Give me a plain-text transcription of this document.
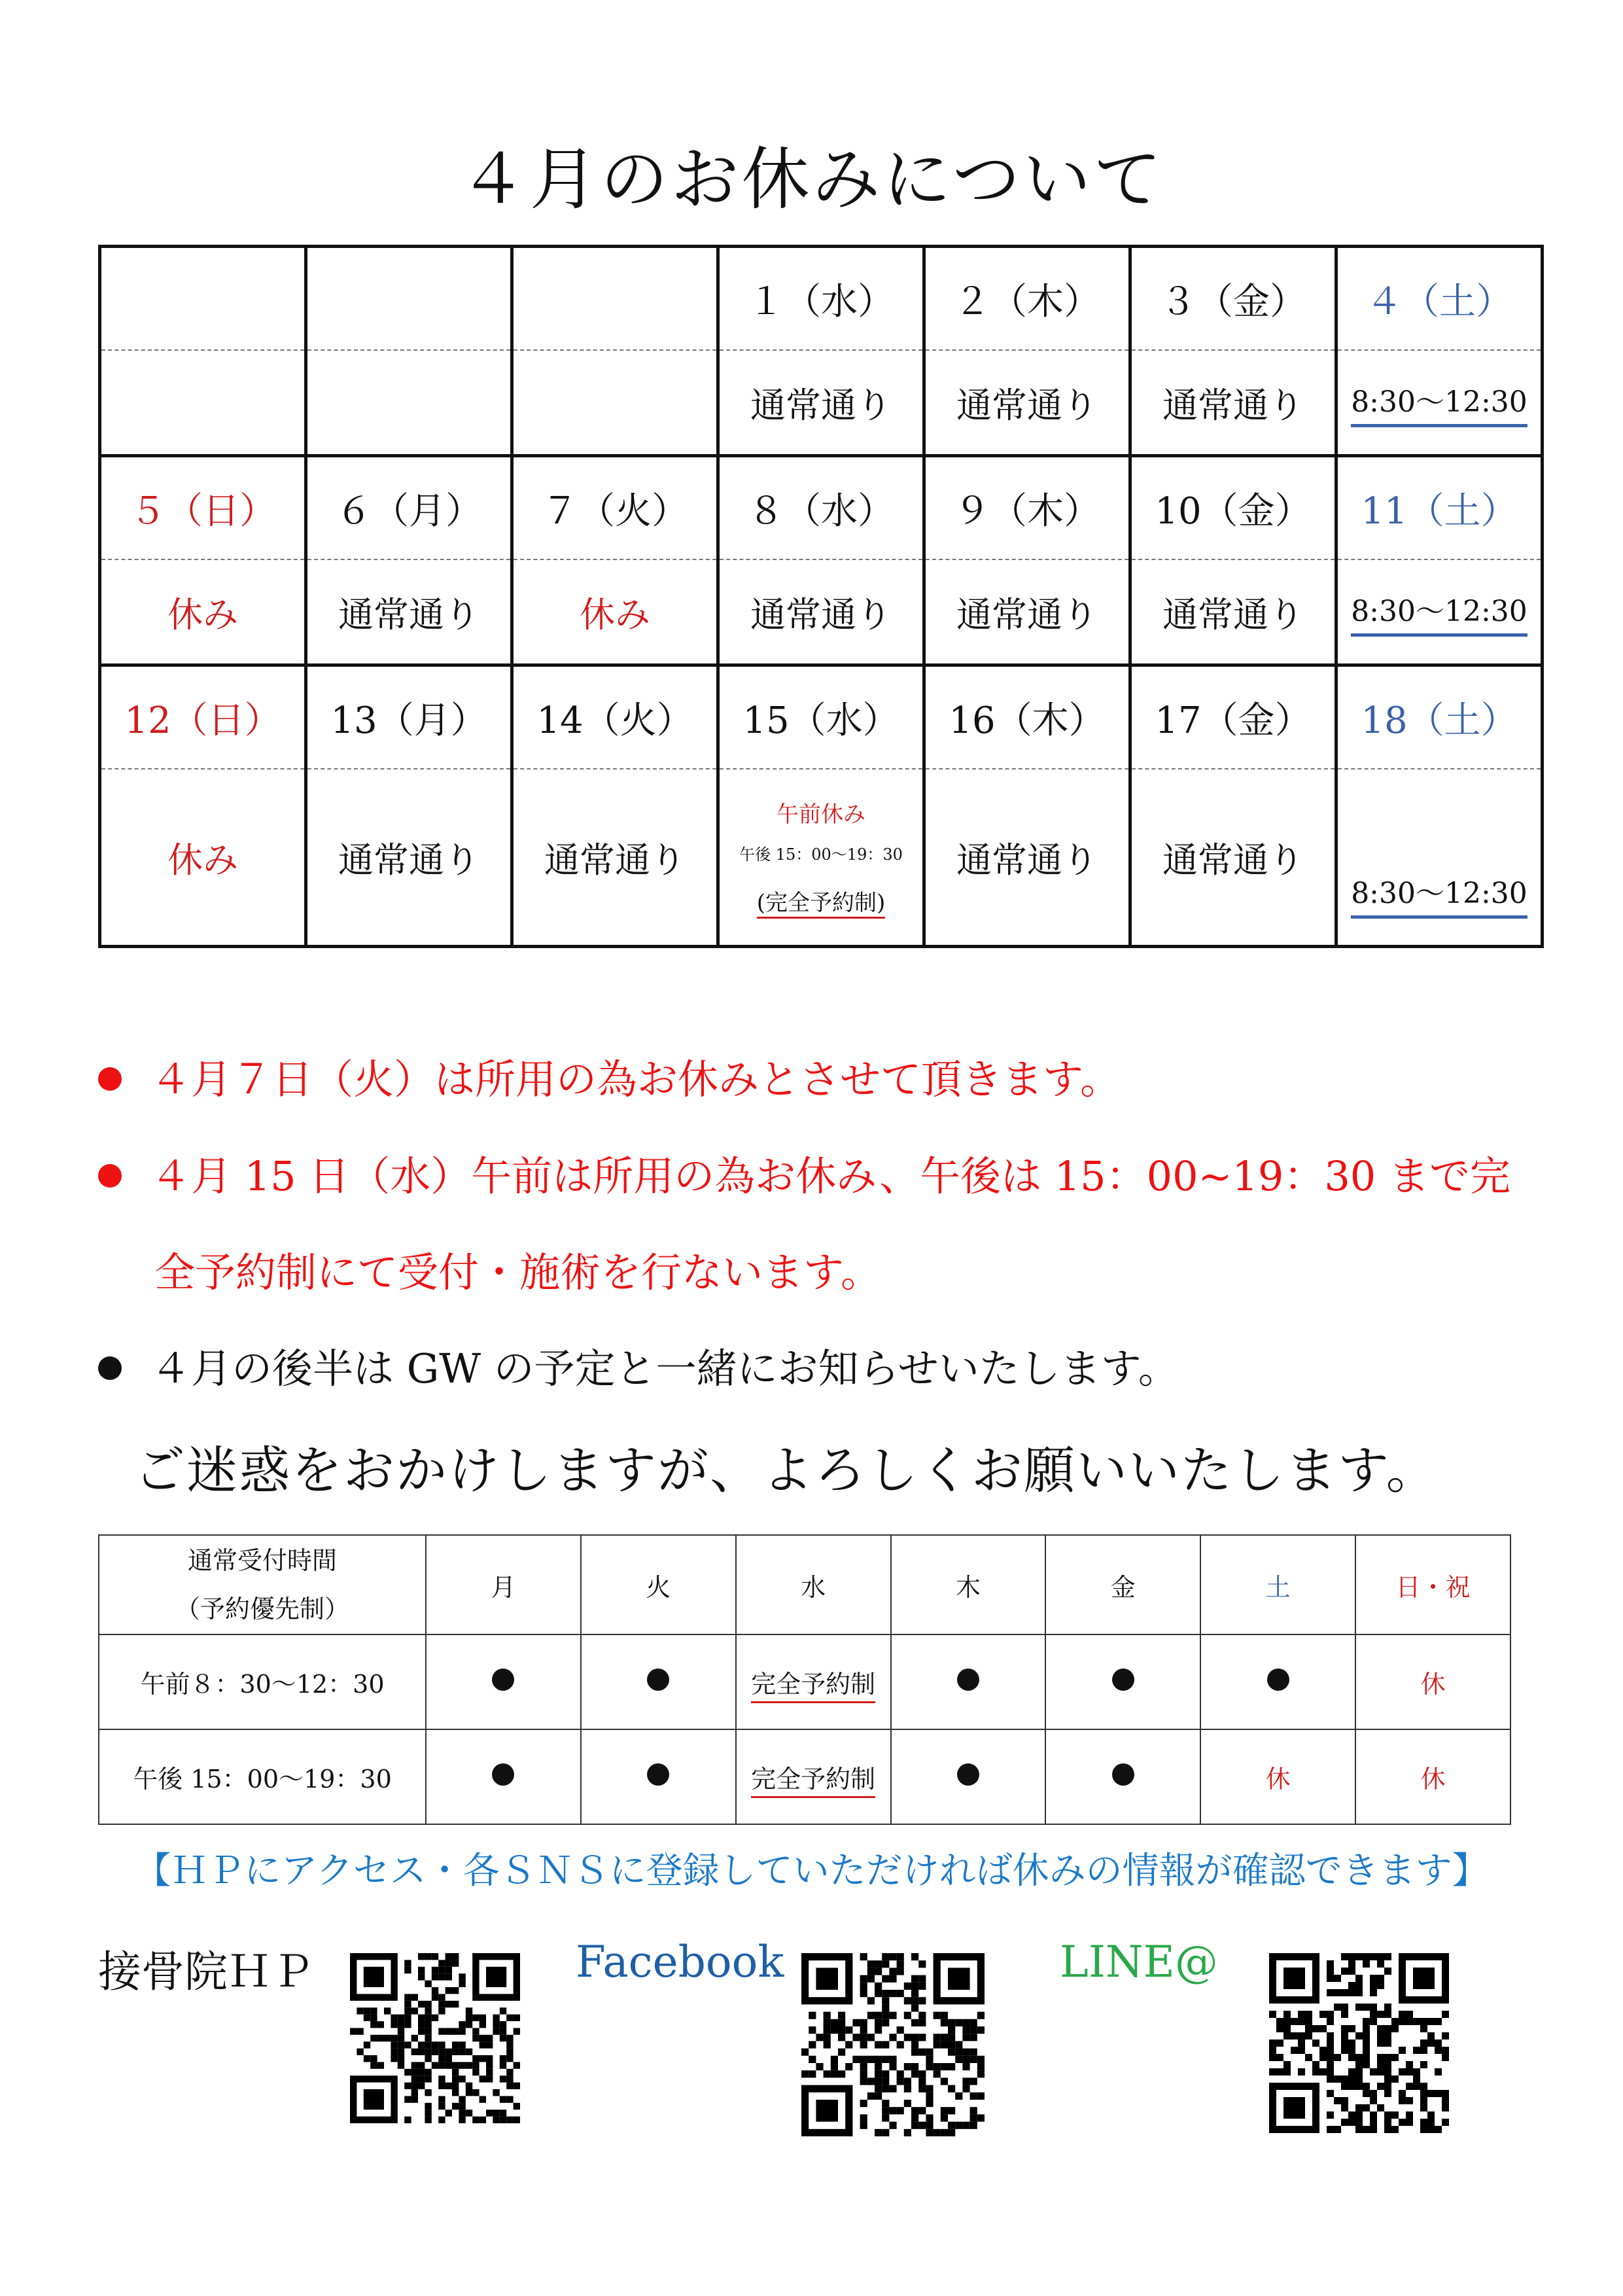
４月のお休みについて
			１（水）	２（木）	３（金）	４（土）
			通常通り	通常通り	通常通り	8:30～12:30
５（日）	６（月）	７（火）	８（水）	９（木）	10（金）	11（土）
休み	通常通り	休み	通常通り	通常通り	通常通り	8:30～12:30
12（日）	13（月）	14（火）	15（水）	16（木）	17（金）	18（土）
休み	通常通り	通常通り	午前休み
午後 15：00～19：30
(完全予約制)	通常通り	通常通り	8:30～12:30
４月７日（火）は所用の為お休みとさせて頂きます。
４月 15 日（水）午前は所用の為お休み、午後は 15：00~19：30 まで完
全予約制にて受付・施術を行ないます。
４月の後半は GW の予定と一緒にお知らせいたします。
ご迷惑をおかけしますが、よろしくお願いいたします。
通常受付時間
（予約優先制）	月	火	水	木	金	土	日・祝
午前８：30～12：30			完全予約制				休
午後 15：00～19：30			完全予約制			休	休
【ＨＰにアクセス・各ＳＮＳに登録していただければ休みの情報が確認できます】
接骨院ＨＰ	Facebook	LINE@
